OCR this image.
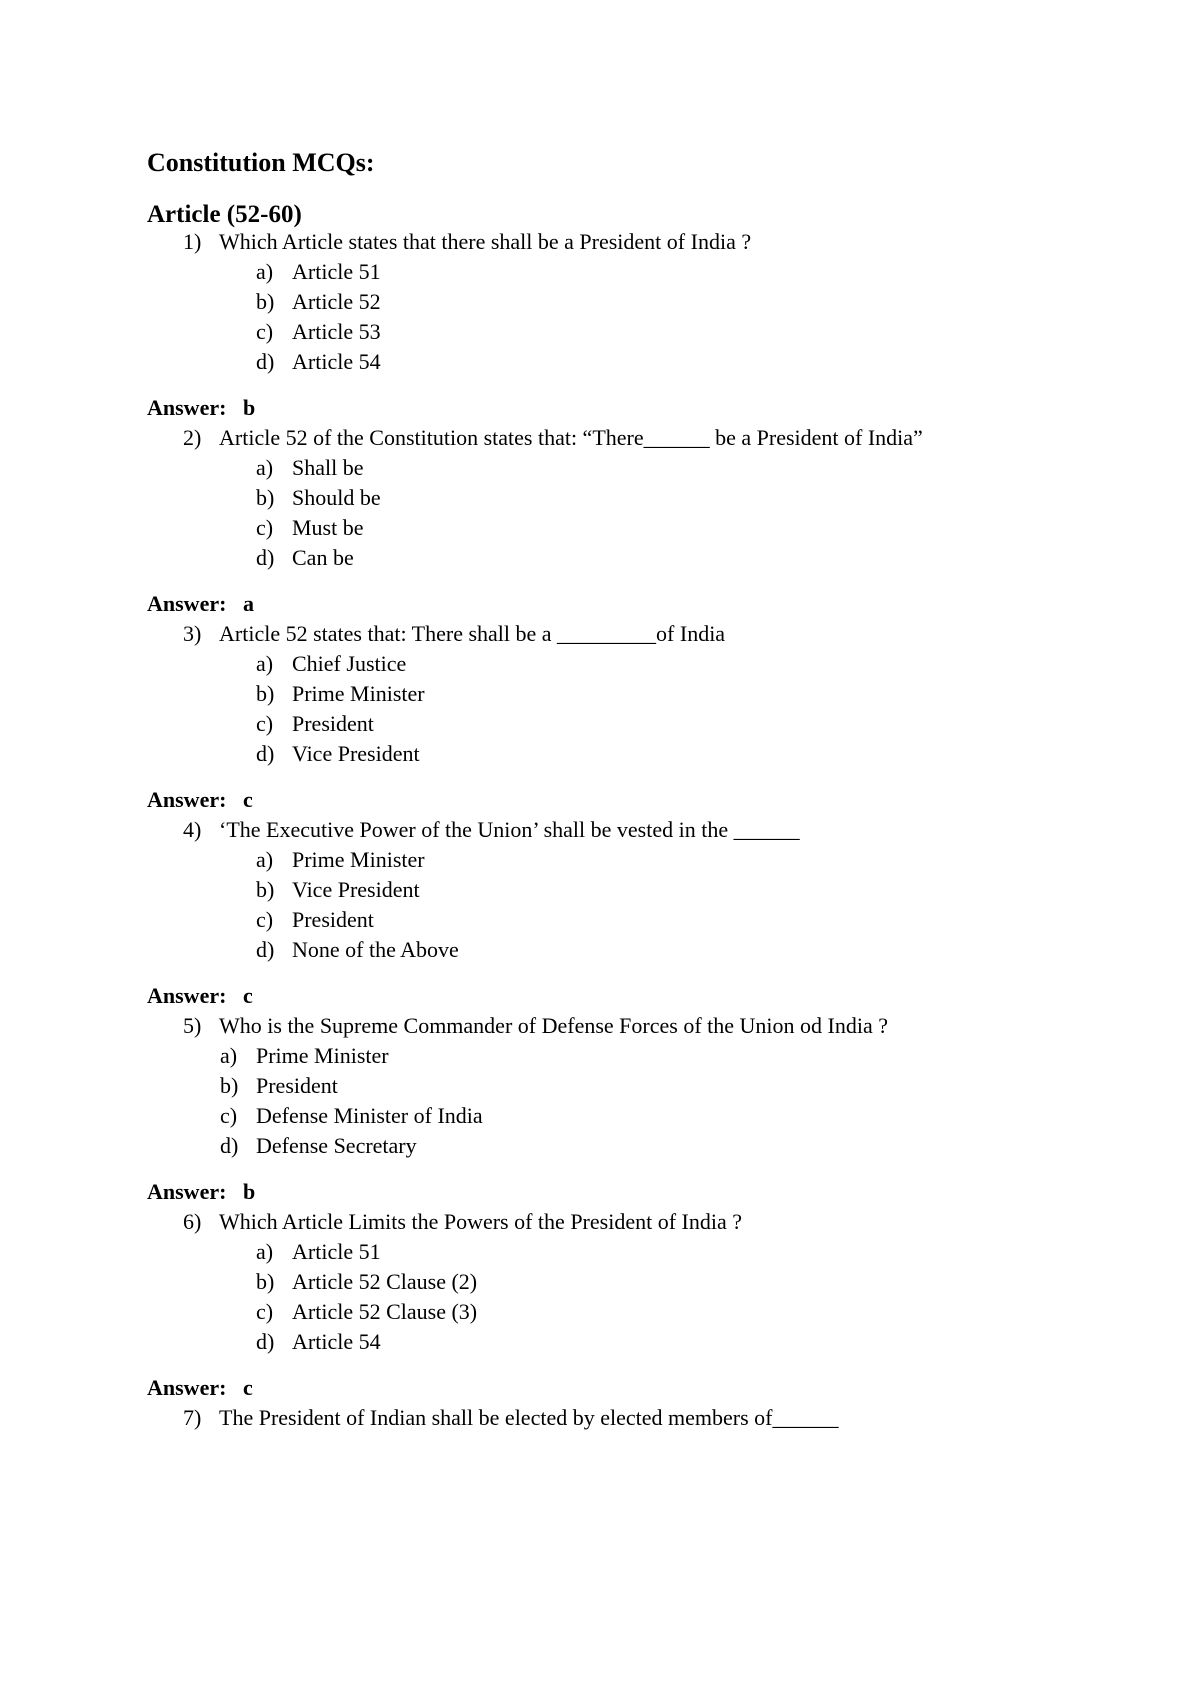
Constitution MCQs:
Article (52-60)
1) Which Article states that there shall be a President of India ?
a) Article 51
b) Article 52
c) Article 53
d) Article 54
Answer: b
2) Article 52 of the Constitution states that: “There______ be a President of India”
a) Shall be
b) Should be
c) Must be
d) Can be
Answer: a
3) Article 52 states that: There shall be a _________of India
a) Chief Justice
b) Prime Minister
c) President
d) Vice President
Answer: c
4) ‘The Executive Power of the Union’ shall be vested in the ______
a) Prime Minister
b) Vice President
c) President
d) None of the Above
Answer: c
5) Who is the Supreme Commander of Defense Forces of the Union od India ?
a) Prime Minister
b) President
c) Defense Minister of India
d) Defense Secretary
Answer: b
6) Which Article Limits the Powers of the President of India ?
a) Article 51
b) Article 52 Clause (2)
c) Article 52 Clause (3)
d) Article 54
Answer: c
7) The President of Indian shall be elected by elected members of______
